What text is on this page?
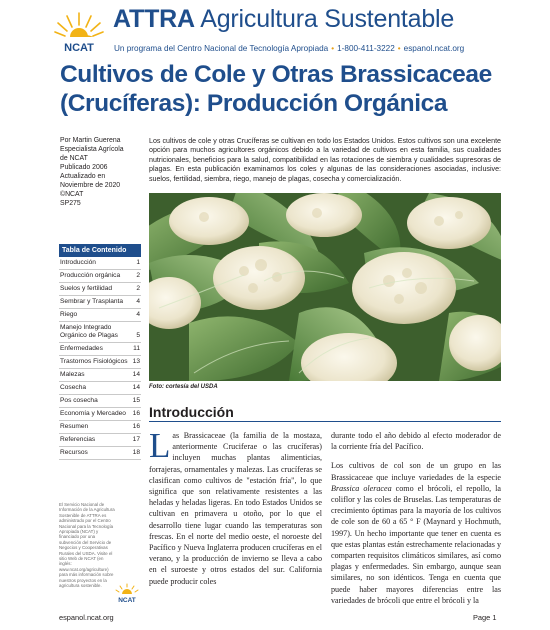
NCAT
ATTRA Agricultura Sustentable
Un programa del Centro Nacional de Tecnología Apropiada • 1-800-411-3222 • espanol.ncat.org
Cultivos de Cole y Otras Brassicaceae (Crucíferas): Producción Orgánica
Por Martin Guerena
Especialista Agrícola
de NCAT
Publicado 2006
Actualizado en
Noviembre de 2020
©NCAT
SP275
Tabla de Contenido
Introducción	1
Producción orgánica	2
Suelos y fertilidad	2
Sembrar y Trasplanta	4
Riego	4
Manejo Integrado Orgánico de Plagas	5
Enfermedades	11
Trastornos Fisiológicos 13
Malezas	14
Cosecha	14
Pos cosecha	15
Economía y Mercadeo	16
Resumen	16
Referencias	17
Recursos	18
El Servicio Nacional de Información de la Agricultura Sostenible de ATTRA es administrado por el Centro Nacional para la Tecnología Apropiada (NCAT) y financiado por una subvención del Servicio de Negocios y Cooperativas Rurales del USDA. Visite el sitio Web de NCAT (en inglés: www.ncat.org/agriculture) para más información sobre nuestros proyectos en la agricultura sostenible.
NCAT

Los cultivos de cole y otras Crucíferas se cultivan en todo los Estados Unidos. Estos cultivos son una excelente opción para muchos agricultores orgánicos debido a la variedad de cultivos en esta familia, sus cualidades nutricionales, beneficios para la salud, compatibilidad en las rotaciones de siembra y cualidades supresoras de plagas. En esta publicación examinamos los coles y algunas de las consideraciones asociadas, inclusive: suelos, fertilidad, siembra, riego, manejo de plagas, cosecha y comercialización.

Foto: cortesía del USDA
Introducción
Las Brassicaceae (la familia de la mostaza, anteriormente Cruciferae o las crucíferas) incluyen muchas plantas alimenticias, forrajeras, ornamentales y malezas. Las crucíferas se clasifican como cultivos de "estación fría", lo que significa que son relativamente resistentes a las heladas y heladas ligeras. En todo Estados Unidos se cultivan en primavera u otoño, por lo que el desarrollo tiene lugar cuando las temperaturas son frescas. En el norte del medio oeste, el noroeste del Pacífico y Nueva Inglaterra producen crucíferas en el verano, y la producción de invierno se lleva a cabo en el suroeste y otros estados del sur. California puede producir coles

durante todo el año debido al efecto moderador de la corriente fría del Pacífico.

Los cultivos de col son de un grupo en las Brassicaceae que incluye variedades de la especie Brassica oleracea como el brócoli, el repollo, la coliflor y las coles de Bruselas. Las temperaturas de crecimiento óptimas para la mayoría de los cultivos de cole son de 60 a 65 ° F (Maynard y Hochmuth, 1997). Un hecho importante que tener en cuenta es que estas plantas están estrechamente relacionadas y comparten requisitos climáticos similares, así como plagas y enfermedades. Sin embargo, aunque sean similares, no son idénticos. Tenga en cuenta que puede haber mayores diferencias entre las variedades de brócoli que entre el brócoli y la

espanol.ncat.org	Page 1
